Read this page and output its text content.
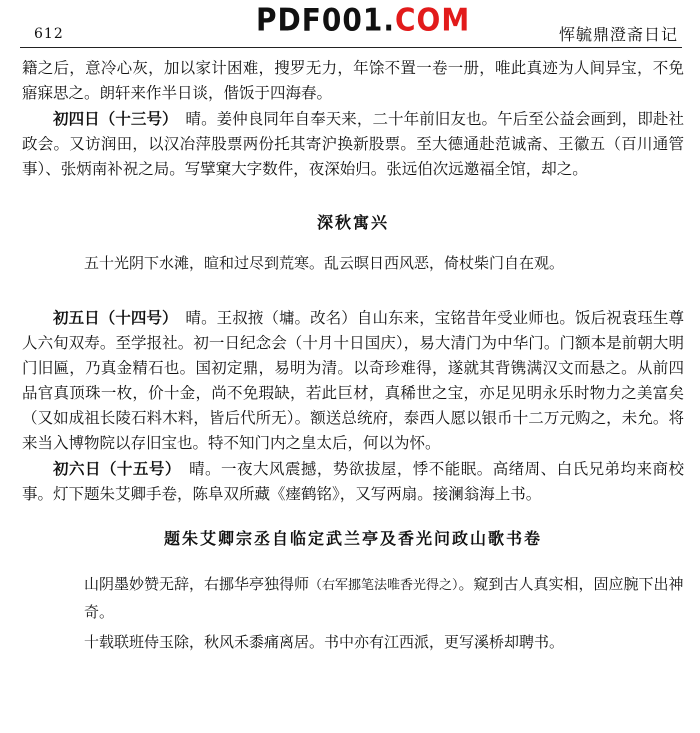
612	PDF001.COM	恽毓鼎澄斋日记

籍之后，意冷心灰，加以家计困难，搜罗无力，年馀不置一卷一册，唯此真迹为人间异宝，不免寤寐思之。朗轩来作半日谈，偕饭于四海春。

初四日（十三号）　 晴。姜仲良同年自奉天来，二十年前旧友也。午后至公益会画到，即赴社政会。又访润田，以汉冶萍股票两份托其寄沪换新股票。至大德通赴范诚斋、王徽五（百川通管事）、张炳南补祝之局。写擘窠大字数件，夜深始归。张远伯次远邀福全馆，却之。

深秋寓兴

五十光阴下水滩，暄和过尽到荒寒。乱云暝日西风恶，倚杖柴门自在观。

初五日（十四号）　 晴。王叔掖（墉。改名）自山东来，宝铭昔年受业师也。饭后祝袁珏生尊人六旬双寿。至学报社。初一日纪念会（十月十日国庆），易大清门为中华门。门额本是前朝大明门旧匾，乃真金精石也。国初定鼎，易明为清。以奇珍难得，遂就其背镌满汉文而悬之。从前四品官真顶珠一枚，价十金，尚不免瑕缺，若此巨材，真稀世之宝，亦足见明永乐时物力之美富矣（又如成祖长陵石料木料，皆后代所无）。额送总统府，泰西人愿以银币十二万元购之，未允。将来当入博物院以存旧宝也。特不知门内之皇太后，何以为怀。

初六日（十五号）　 晴。一夜大风震撼，势欲拔屋，悸不能眠。高绪周、白氏兄弟均来商校事。灯下题朱艾卿手卷，陈阜双所藏《瘗鹤铭》，又写两扇。接澜翁海上书。

题朱艾卿宗丞自临定武兰亭及香光问政山歌书卷

山阴墨妙赞无辞，右挪华亭独得师（右军挪笔法唯香光得之）。窥到古人真实相，固应腕下出神奇。

十载联班侍玉除，秋风禾黍痛离居。书中亦有江西派，更写溪桥却聘书。
